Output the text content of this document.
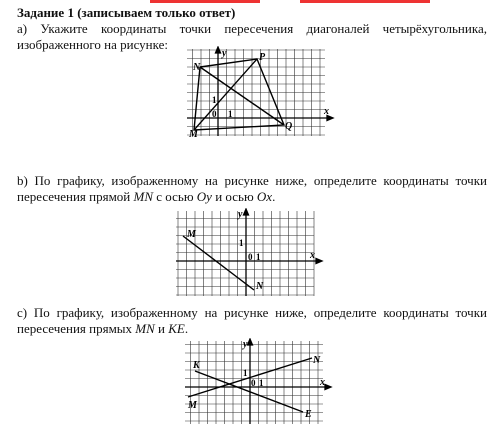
Задание 1 (записываем только ответ)
а) Укажите координаты точки пересечения диагоналей четырёхугольника, изображенного на рисунке:
y
x
N
P
M
Q
1
0 1
b) По графику, изображенному на рисунке ниже, определите координаты точки пересечения прямой MN с осью Oy и осью Ox.
y
x
M
N
1
0 1
с) По графику, изображенному на рисунке ниже, определите координаты точки пересечения прямых MN и KE.
y
x
K	N
M
E
1
0 1
